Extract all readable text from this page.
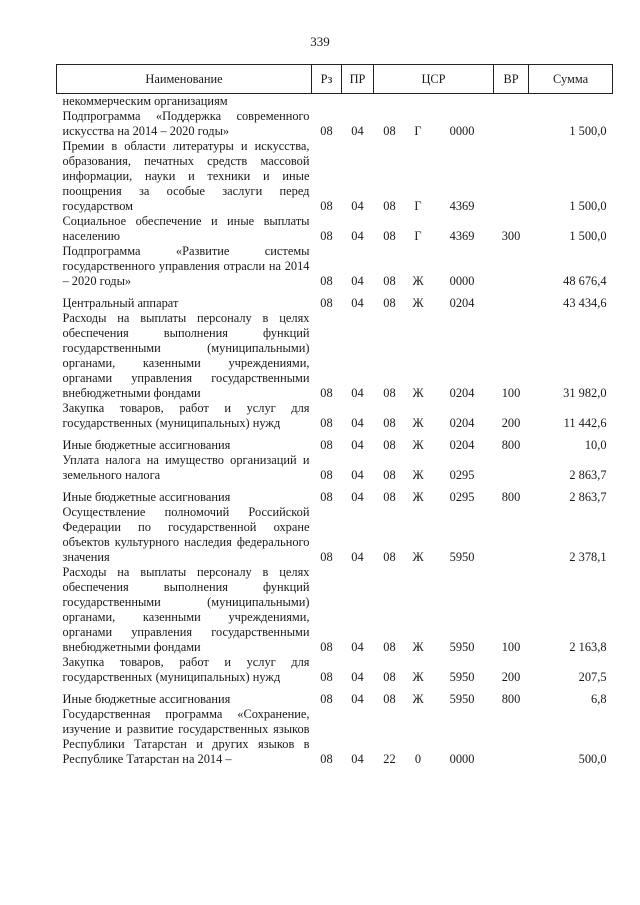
339
Наименование	Рз	ПР	ЦСР			ВР	Сумма
некоммерческим организациям							
Подпрограмма «Поддержка современного искусства на 2014 – 2020 годы»	08	04	08	Г	0000		1 500,0
Премии в области литературы и искусства, образования, печатных средств массовой информации, науки и техники и иные поощрения за особые заслуги перед государством	08	04	08	Г	4369		1 500,0
Социальное обеспечение и иные выплаты населению	08	04	08	Г	4369	300	1 500,0
Подпрограмма «Развитие системы государственного управления отрасли на 2014 – 2020 годы»	08	04	08	Ж	0000		48 676,4
Центральный аппарат	08	04	08	Ж	0204		43 434,6
Расходы на выплаты персоналу в целях обеспечения выполнения функций государственными (муниципальными) органами, казенными учреждениями, органами управления государственными внебюджетными фондами	08	04	08	Ж	0204	100	31 982,0
Закупка товаров, работ и услуг для государственных (муниципальных) нужд	08	04	08	Ж	0204	200	11 442,6
Иные бюджетные ассигнования	08	04	08	Ж	0204	800	10,0
Уплата налога на имущество организаций и земельного налога	08	04	08	Ж	0295		2 863,7
Иные бюджетные ассигнования	08	04	08	Ж	0295	800	2 863,7
Осуществление полномочий Российской Федерации по государственной охране объектов культурного наследия федерального значения	08	04	08	Ж	5950		2 378,1
Расходы на выплаты персоналу в целях обеспечения выполнения функций государственными (муниципальными) органами, казенными учреждениями, органами управления государственными внебюджетными фондами	08	04	08	Ж	5950	100	2 163,8
Закупка товаров, работ и услуг для государственных (муниципальных) нужд	08	04	08	Ж	5950	200	207,5
Иные бюджетные ассигнования	08	04	08	Ж	5950	800	6,8
Государственная программа «Сохранение, изучение и развитие государственных языков Республики Татарстан и других языков в Республике Татарстан на 2014 –	08	04	22	0	0000		500,0
